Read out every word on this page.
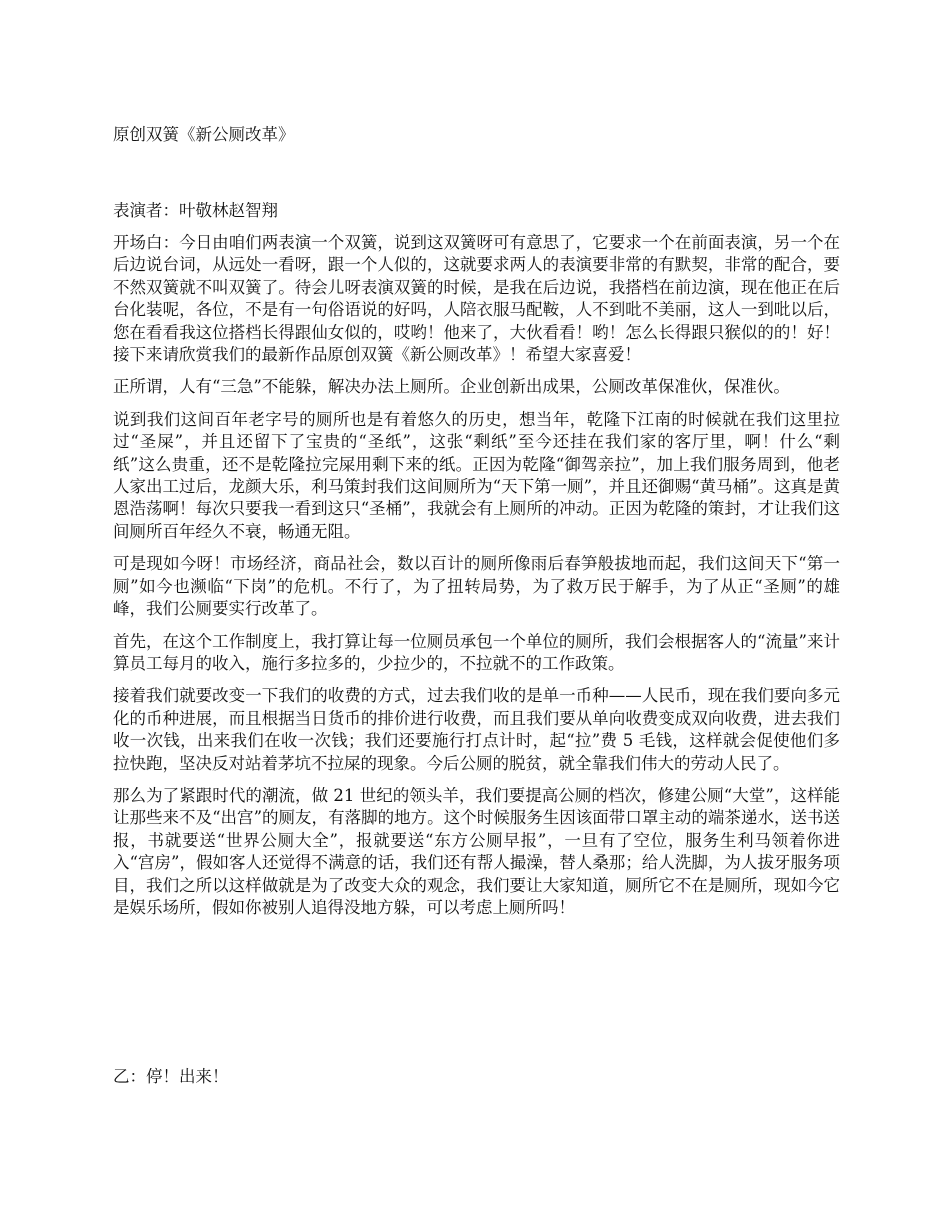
原创双簧《新公厕改革》
表演者：叶敬林赵智翔

开场白：今日由咱们两表演一个双簧，说到这双簧呀可有意思了，它要求一个在前面表演，另一个在后边说台词，从远处一看呀，跟一个人似的，这就要求两人的表演要非常的有默契，非常的配合，要不然双簧就不叫双簧了。待会儿呀表演双簧的时候，是我在后边说，我搭档在前边演，现在他正在后台化装呢，各位，不是有一句俗语说的好吗，人陪衣服马配鞍，人不到吡不美丽，这人一到吡以后，您在看看我这位搭档长得跟仙女似的，哎哟！他来了，大伙看看！哟！怎么长得跟只猴似的的！好！接下来请欣赏我们的最新作品原创双簧《新公厕改革》！希望大家喜爱！

正所谓，人有“三急”不能躲，解决办法上厕所。企业创新出成果，公厕改革保准伙，保准伙。

说到我们这间百年老字号的厕所也是有着悠久的历史，想当年，乾隆下江南的时候就在我们这里拉过“圣屎”，并且还留下了宝贵的“圣纸”，这张“剩纸”至今还挂在我们家的客厅里，啊！什么“剩纸”这么贵重，还不是乾隆拉完屎用剩下来的纸。正因为乾隆“御驾亲拉”，加上我们服务周到，他老人家出工过后，龙颜大乐，利马策封我们这间厕所为“天下第一厕”，并且还御赐“黄马桶”。这真是黄恩浩荡啊！每次只要我一看到这只“圣桶”，我就会有上厕所的冲动。正因为乾隆的策封，才让我们这间厕所百年经久不衰，畅通无阻。

可是现如今呀！市场经济，商品社会，数以百计的厕所像雨后春笋般拔地而起，我们这间天下“第一厕”如今也濒临“下岗”的危机。不行了，为了扭转局势，为了救万民于解手，为了从正“圣厕”的雄峰，我们公厕要实行改革了。

首先，在这个工作制度上，我打算让每一位厕员承包一个单位的厕所，我们会根据客人的“流量”来计算员工每月的收入，施行多拉多的，少拉少的，不拉就不的工作政策。

接着我们就要改变一下我们的收费的方式，过去我们收的是单一币种——人民币，现在我们要向多元化的币种进展，而且根据当日货币的排价进行收费，而且我们要从单向收费变成双向收费，进去我们收一次钱，出来我们在收一次钱；我们还要施行打点计时，起“拉”费 5 毛钱，这样就会促使他们多拉快跑，坚决反对站着茅坑不拉屎的现象。今后公厕的脱贫，就全靠我们伟大的劳动人民了。

那么为了紧跟时代的潮流，做 21 世纪的领头羊，我们要提高公厕的档次，修建公厕“大堂”，这样能让那些来不及“出宫”的厕友，有落脚的地方。这个时候服务生因该面带口罩主动的端茶递水，送书送报，书就要送“世界公厕大全”，报就要送“东方公厕早报”，一旦有了空位，服务生利马领着你进入“宫房”，假如客人还觉得不满意的话，我们还有帮人撮澡，替人桑那；给人洗脚，为人拔牙服务项目，我们之所以这样做就是为了改变大众的观念，我们要让大家知道，厕所它不在是厕所，现如今它是娱乐场所，假如你被别人追得没地方躲，可以考虑上厕所吗！

乙：停！出来！
